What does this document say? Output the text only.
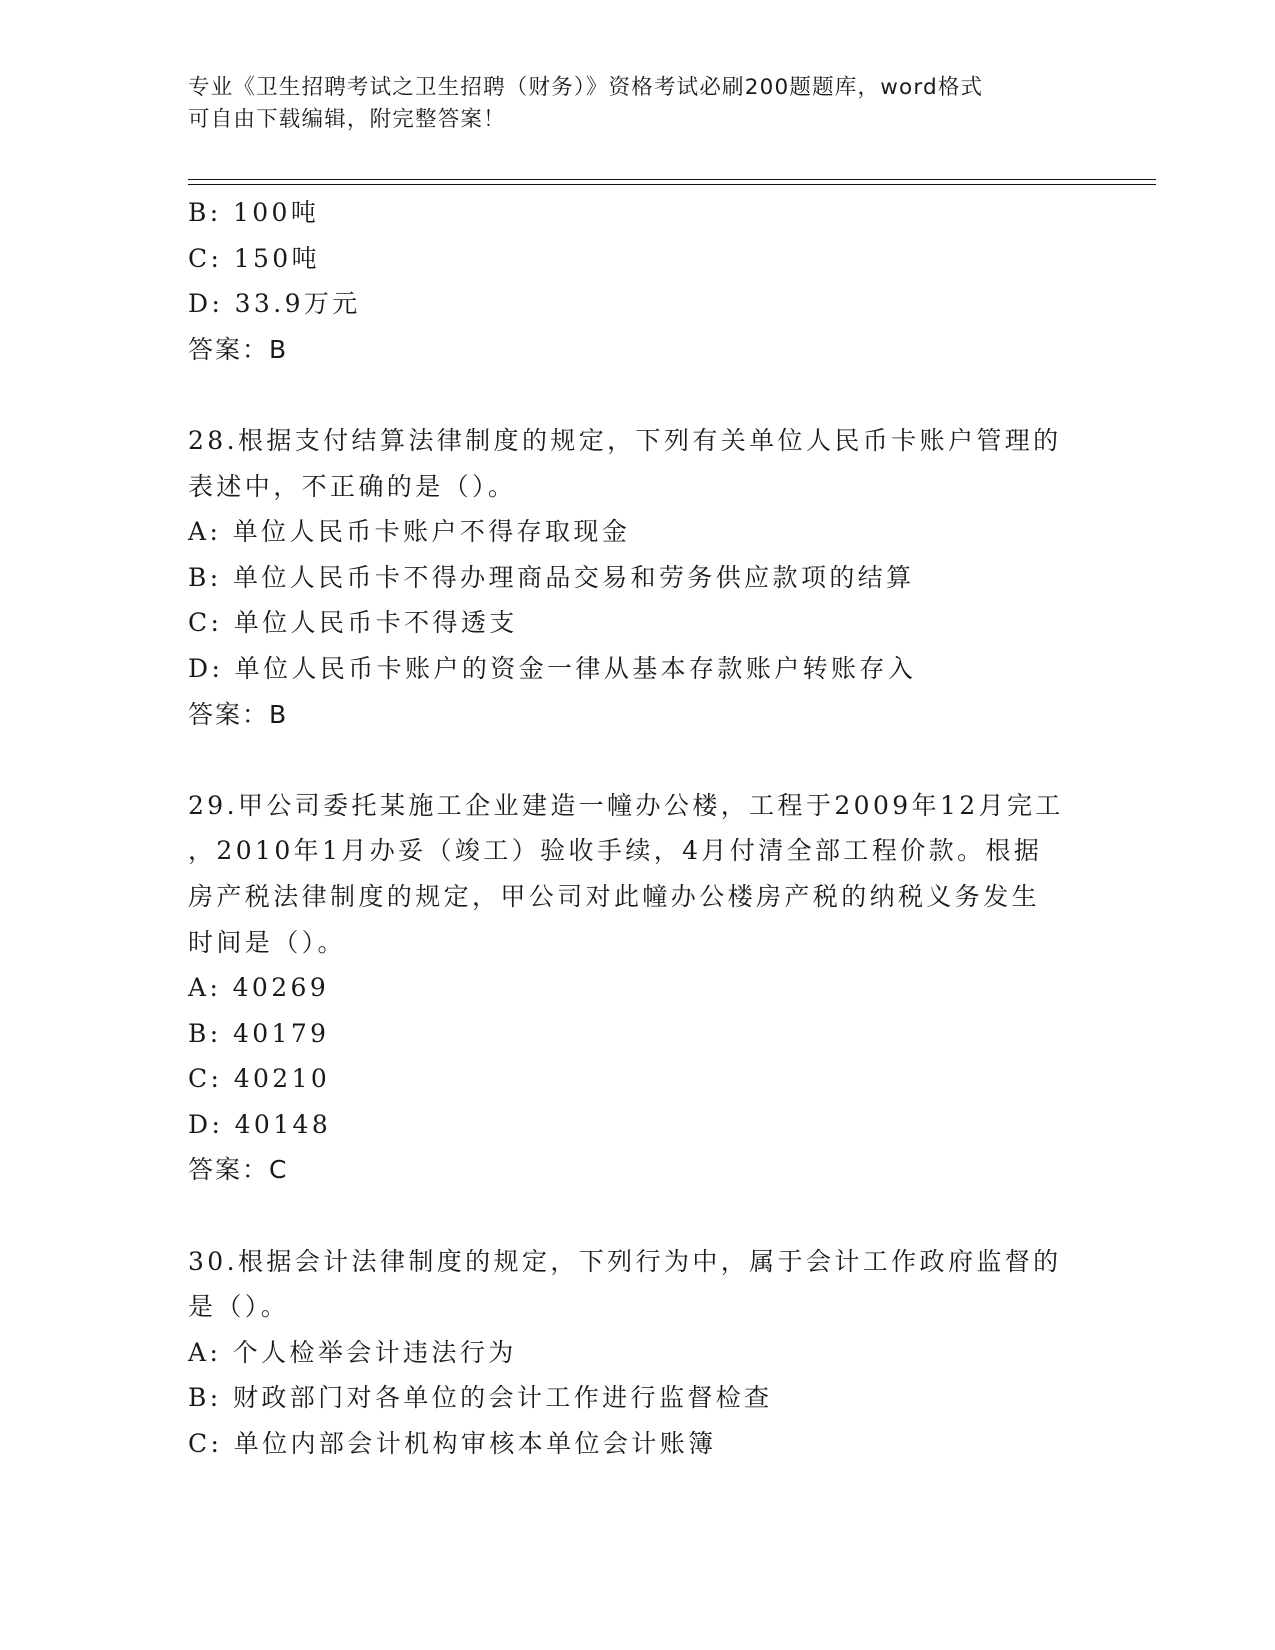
专业《卫生招聘考试之卫生招聘（财务）》资格考试必刷200题题库，word格式
可自由下载编辑，附完整答案！
B: 100吨
C: 150吨
D: 33.9万元
答案：B
28.根据支付结算法律制度的规定，下列有关单位人民币卡账户管理的
表述中，不正确的是（）。
A: 单位人民币卡账户不得存取现金
B: 单位人民币卡不得办理商品交易和劳务供应款项的结算
C: 单位人民币卡不得透支
D: 单位人民币卡账户的资金一律从基本存款账户转账存入
答案：B
29.甲公司委托某施工企业建造一幢办公楼，工程于2009年12月完工
，2010年1月办妥（竣工）验收手续，4月付清全部工程价款。根据
房产税法律制度的规定，甲公司对此幢办公楼房产税的纳税义务发生
时间是（）。
A: 40269
B: 40179
C: 40210
D: 40148
答案：C
30.根据会计法律制度的规定，下列行为中，属于会计工作政府监督的
是（）。
A: 个人检举会计违法行为
B: 财政部门对各单位的会计工作进行监督检查
C: 单位内部会计机构审核本单位会计账簿
